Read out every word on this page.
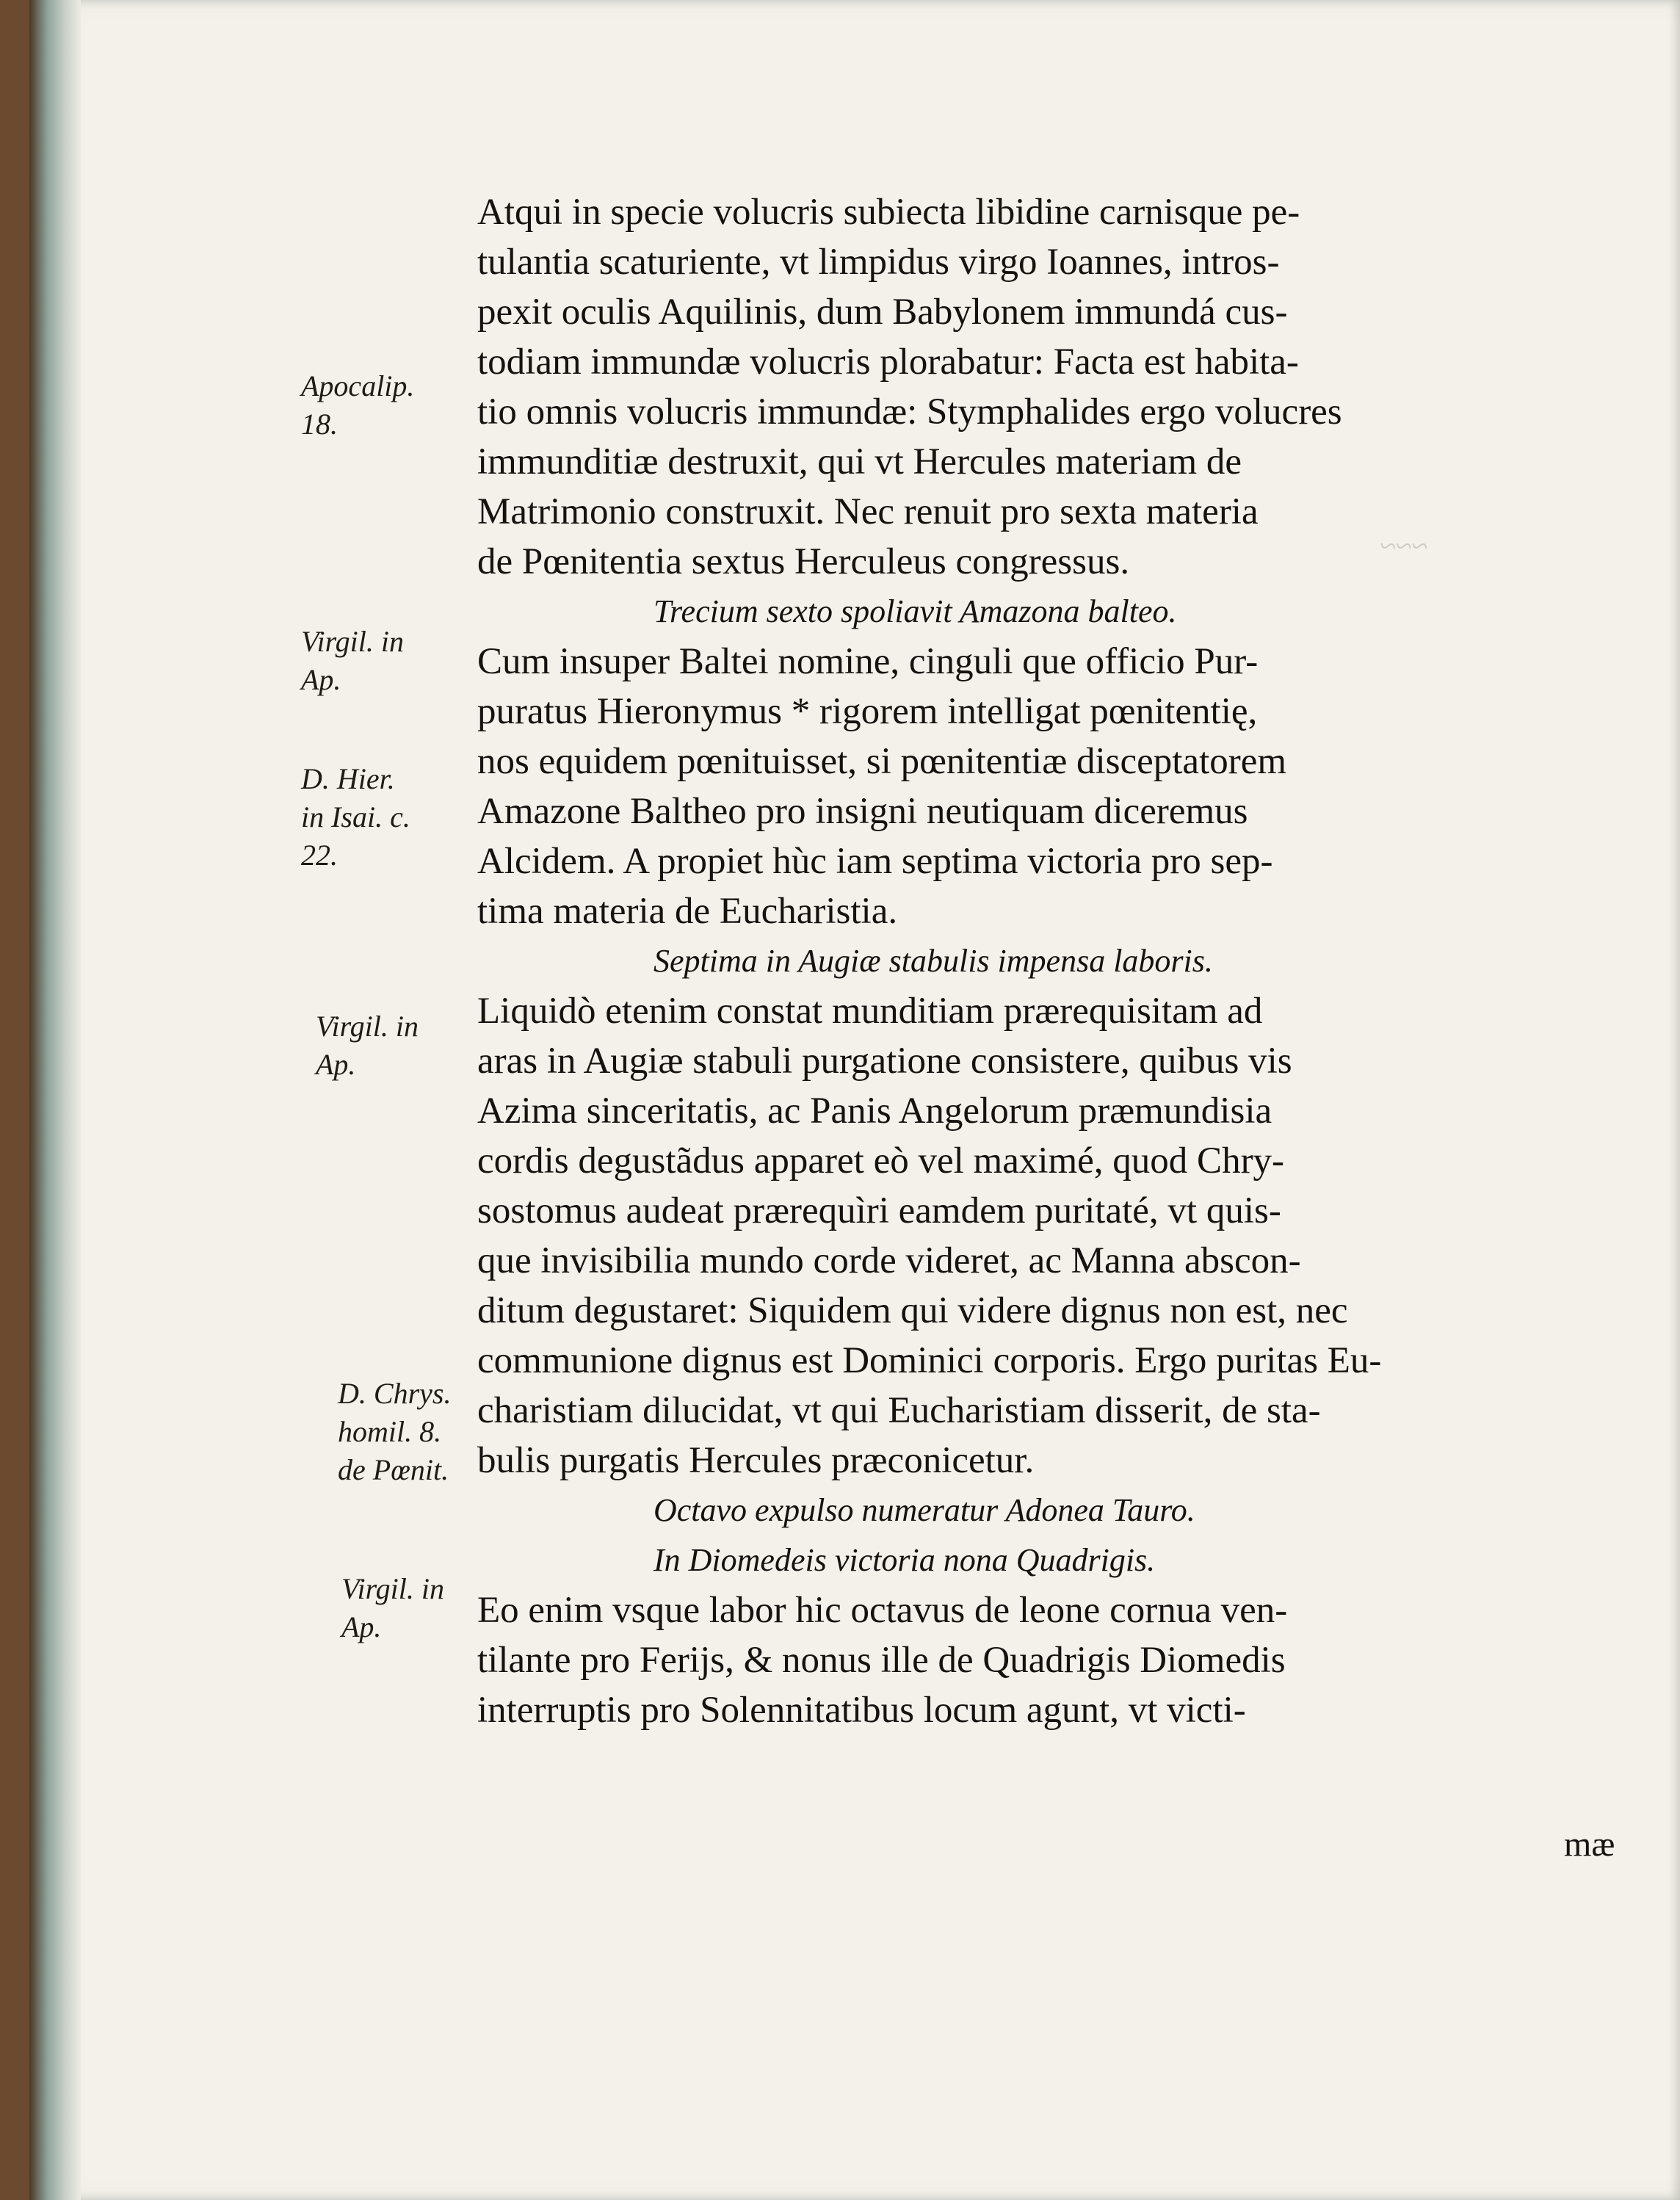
~~~
Atqui in specie volucris subiecta libidine carnisque pe-
tulantia scaturiente, vt limpidus virgo Ioannes, intros-
pexit oculis Aquilinis, dum Babylonem immundá cus-
todiam immundæ volucris plorabatur: Facta est habita-
tio omnis volucris immundæ: Stymphalides ergo volucres
immunditiæ destruxit, qui vt Hercules materiam de
Matrimonio construxit. Nec renuit pro sexta materia
de Pœnitentia sextus Herculeus congressus.
Trecium sexto spoliavit Amazona balteo.
Cum insuper Baltei nomine, cinguli que officio Pur-
puratus Hieronymus * rigorem intelligat pœnitentię,
nos equidem pœnituisset, si pœnitentiæ disceptatorem
Amazone Baltheo pro insigni neutiquam diceremus
Alcidem. A propiet hùc iam septima victoria pro sep-
tima materia de Eucharistia.
Septima in Augiæ stabulis impensa laboris.
Liquidò etenim constat munditiam prærequisitam ad
aras in Augiæ stabuli purgatione consistere, quibus vis
Azima sinceritatis, ac Panis Angelorum præmundisia
cordis degustãdus apparet eò vel maximé, quod Chry-
sostomus audeat prærequìri eamdem puritaté, vt quis-
que invisibilia mundo corde videret, ac Manna abscon-
ditum degustaret: Siquidem qui videre dignus non est, nec
communione dignus est Dominici corporis. Ergo puritas Eu-
charistiam dilucidat, vt qui Eucharistiam disserit, de sta-
bulis purgatis Hercules præconicetur.
Octavo expulso numeratur Adonea Tauro.
In Diomedeis victoria nona Quadrigis.
Eo enim vsque labor hic octavus de leone cornua ven-
tilante pro Ferijs, & nonus ille de Quadrigis Diomedis
interruptis pro Solennitatibus locum agunt, vt victi-
mæ
Apocalip.
18.
Virgil. in
Ap.
D. Hier.
in Isai. c.
22.
Virgil. in
Ap.
D. Chrys.
homil. 8.
de Pœnit.
Virgil. in
Ap.
